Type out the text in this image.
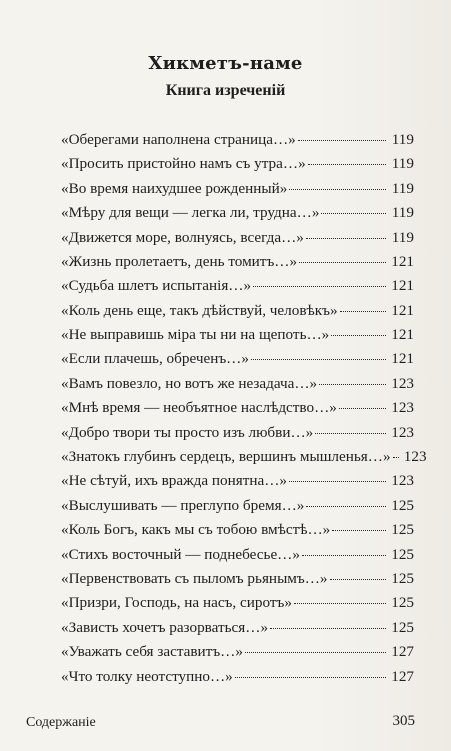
Хикметъ-наме
Книга изреченій
«Оберегами наполнена страница…»	119
«Просить пристойно намъ съ утра…»	119
«Во время наихудшее рожденный»	119
«Мѣру для вещи — легка ли, трудна…»	119
«Движется море, волнуясь, всегда…»	119
«Жизнь пролетаетъ, день томитъ…»	121
«Судьба шлетъ испытанія…»	121
«Коль день еще, такъ дѣйствуй, человѣкъ»	121
«Не выправишь міра ты ни на щепоть…»	121
«Если плачешь, обреченъ…»	121
«Вамъ повезло, но вотъ же незадача…»	123
«Мнѣ время — необъятное наслѣдство…»	123
«Добро твори ты просто изъ любви…»	123
«Знатокъ глубинъ сердецъ, вершинъ мышленья…» 123
«Не сѣтуй, ихъ вражда понятна…»	123
«Выслушивать — преглупо бремя…»	125
«Коль Богъ, какъ мы съ тобою вмѣстѣ…»	125
«Стихъ восточный — поднебесье…»	125
«Первенствовать съ пыломъ рьянымъ…»	125
«Призри, Господь, на насъ, сиротъ»	125
«Зависть хочетъ разорваться…»	125
«Уважать себя заставитъ…»	127
«Что толку неотступно…»	127
Содержаніе	305
